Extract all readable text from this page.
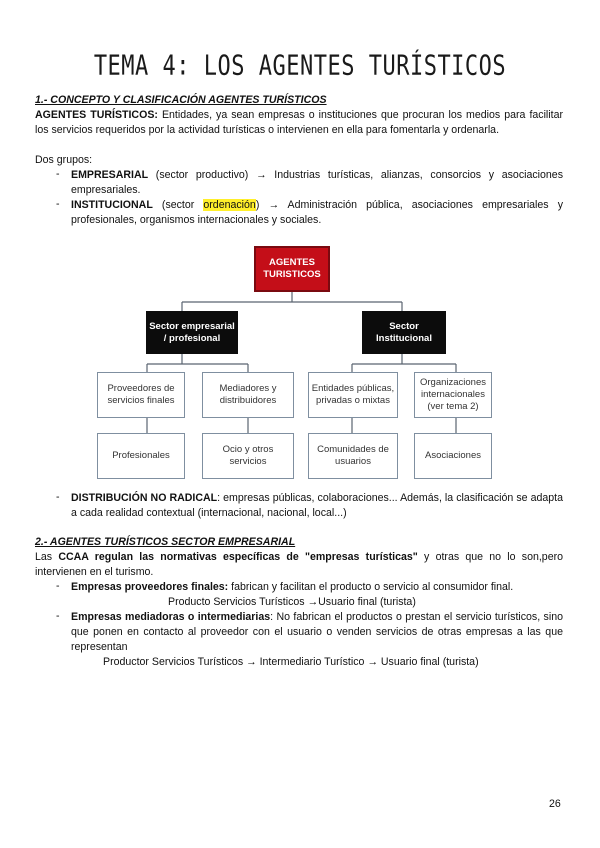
TEMA 4: LOS AGENTES TURÍSTICOS
1.- CONCEPTO Y CLASIFICACIÓN AGENTES TURÍSTICOS
AGENTES TURÍSTICOS: Entidades, ya sean empresas o instituciones que procuran los medios para facilitar los servicios requeridos por la actividad turísticas o intervienen en ella para fomentarla y ordenarla.
Dos grupos:
- EMPRESARIAL (sector productivo) → Industrias turísticas, alianzas, consorcios y asociaciones empresariales.
- INSTITUCIONAL (sector ordenación) → Administración pública, asociaciones empresariales y profesionales, organismos internacionales y sociales.
AGENTES TURISTICOS
Sector empresarial / profesional
Sector Institucional
Proveedores de servicios finales
Mediadores y distribuidores
Profesionales
Ocio y otros servicios
Entidades públicas, privadas o mixtas
Organizaciones internacionales (ver tema 2)
Comunidades de usuarios
Asociaciones
- DISTRIBUCIÓN NO RADICAL: empresas públicas, colaboraciones... Además, la clasificación se adapta a cada realidad contextual (internacional, nacional, local...)
2.- AGENTES TURÍSTICOS SECTOR EMPRESARIAL
Las CCAA regulan las normativas específicas de "empresas turísticas" y otras que no lo son,pero intervienen en el turismo.
- Empresas proveedores finales: fabrican y facilitan el producto o servicio al consumidor final.
Producto Servicios Turísticos →Usuario final (turista)
- Empresas mediadoras o intermediarias: No fabrican el productos o prestan el servicio turísticos, sino que ponen en contacto al proveedor con el usuario o venden servicios de otras empresas a las que representan
Productor Servicios Turísticos → Intermediario Turístico → Usuario final (turista)
26
